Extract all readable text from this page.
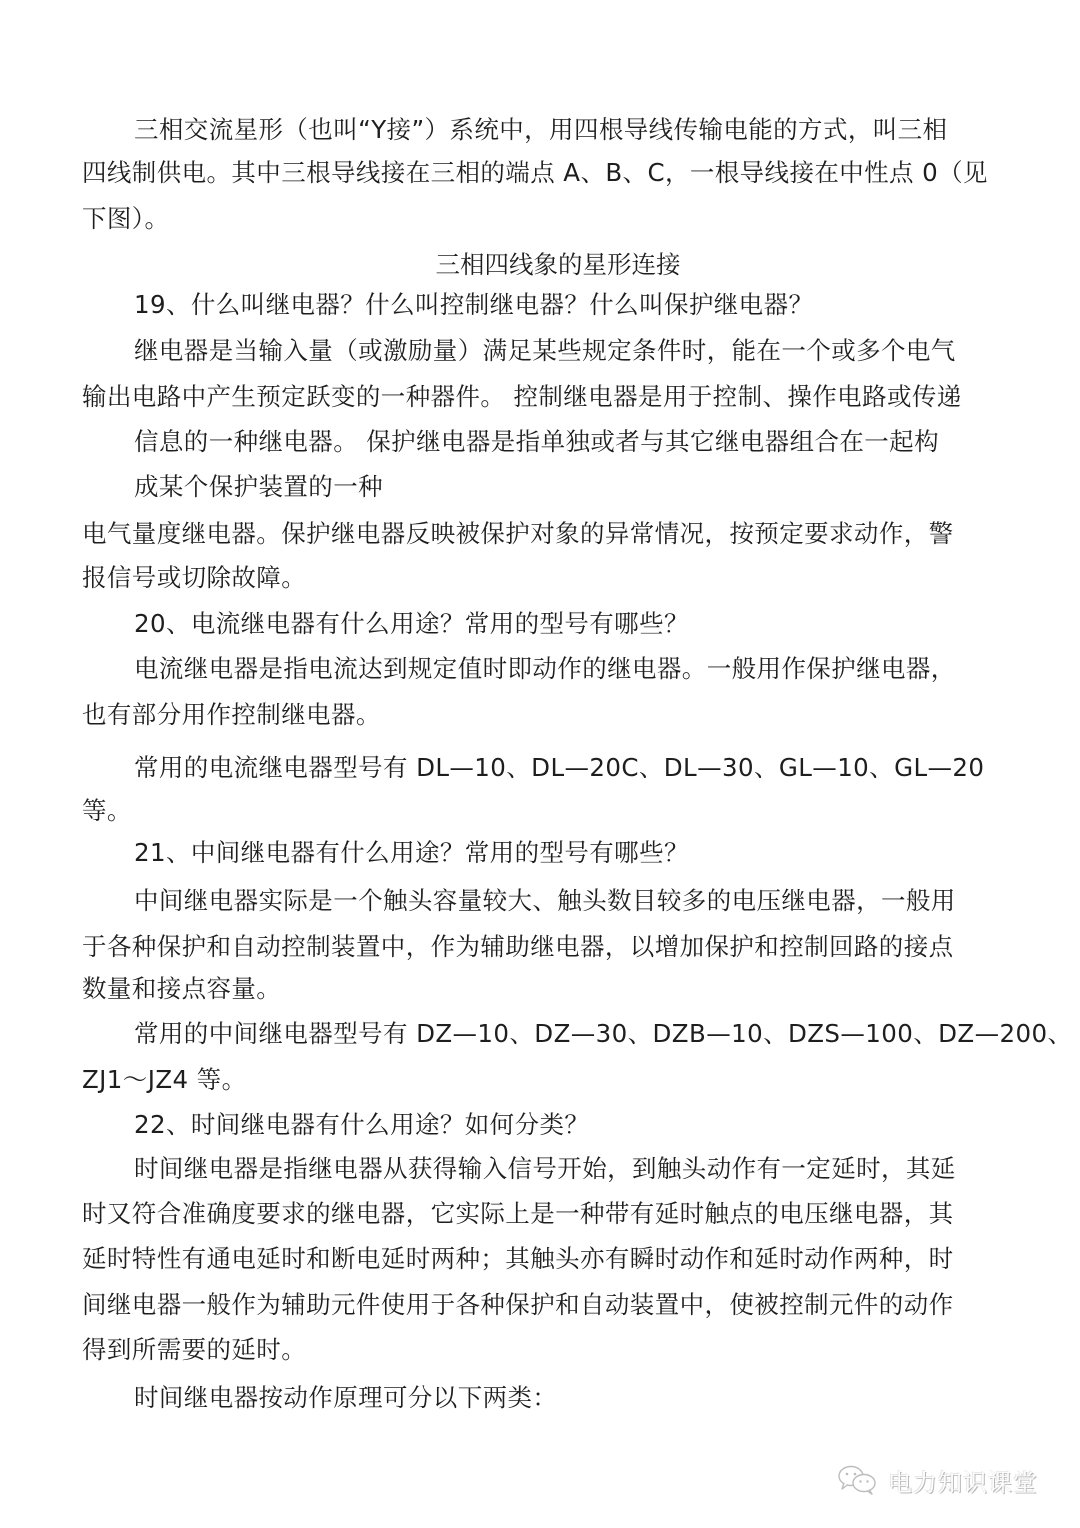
三相交流星形（也叫“Y接”）系统中，用四根导线传输电能的方式，叫三相
四线制供电。其中三根导线接在三相的端点 A、B、C，一根导线接在中性点 0（见
下图）。
三相四线象的星形连接
19、什么叫继电器？什么叫控制继电器？什么叫保护继电器？
继电器是当输入量（或激励量）满足某些规定条件时，能在一个或多个电气
输出电路中产生预定跃变的一种器件。 控制继电器是用于控制、操作电路或传递
信息的一种继电器。 保护继电器是指单独或者与其它继电器组合在一起构
成某个保护装置的一种
电气量度继电器。保护继电器反映被保护对象的异常情况，按预定要求动作，警
报信号或切除故障。
20、电流继电器有什么用途？常用的型号有哪些？
电流继电器是指电流达到规定值时即动作的继电器。一般用作保护继电器，
也有部分用作控制继电器。
常用的电流继电器型号有 DL—10、DL—20C、DL—30、GL—10、GL—20
等。
21、中间继电器有什么用途？常用的型号有哪些？
中间继电器实际是一个触头容量较大、触头数目较多的电压继电器，一般用
于各种保护和自动控制装置中，作为辅助继电器，以增加保护和控制回路的接点
数量和接点容量。
常用的中间继电器型号有 DZ—10、DZ—30、DZB—10、DZS—100、DZ—200、
ZJ1～JZ4 等。
22、时间继电器有什么用途？如何分类？
时间继电器是指继电器从获得输入信号开始，到触头动作有一定延时，其延
时又符合准确度要求的继电器，它实际上是一种带有延时触点的电压继电器，其
延时特性有通电延时和断电延时两种；其触头亦有瞬时动作和延时动作两种，时
间继电器一般作为辅助元件使用于各种保护和自动装置中，使被控制元件的动作
得到所需要的延时。
时间继电器按动作原理可分以下两类：
电力知识课堂
